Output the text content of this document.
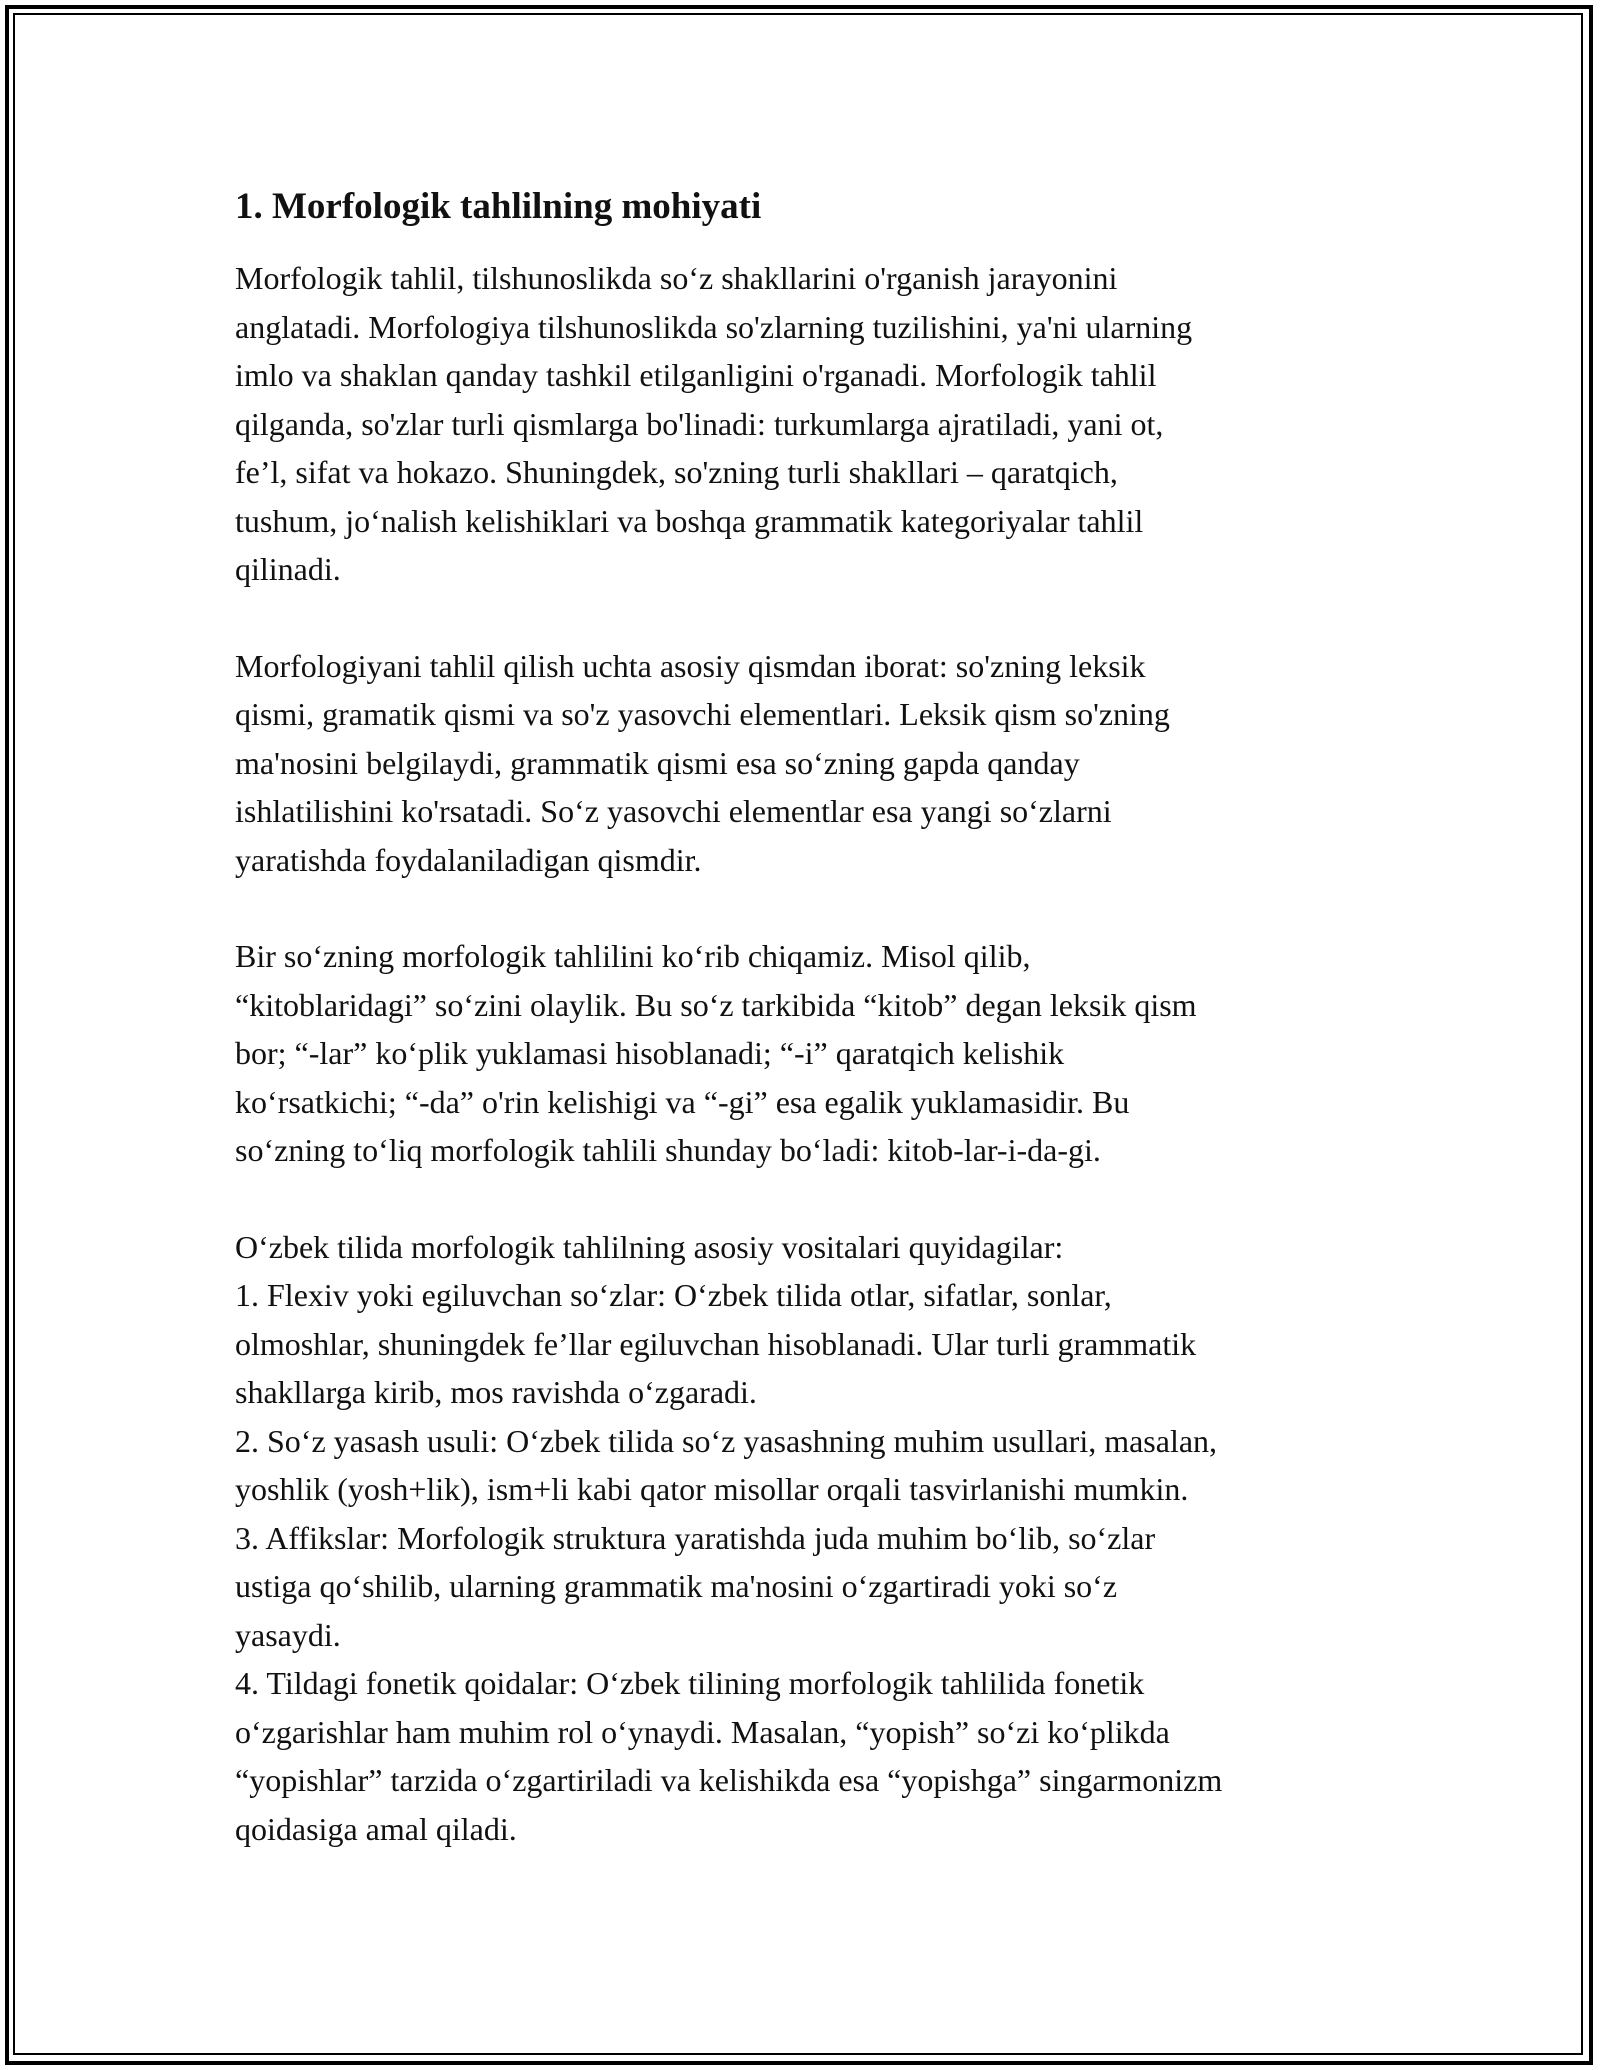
1. Morfologik tahlilning mohiyati

Morfologik tahlil, tilshunoslikda so‘z shakllarini o'rganish jarayonini
anglatadi. Morfologiya tilshunoslikda so'zlarning tuzilishini, ya'ni ularning
imlo va shaklan qanday tashkil etilganligini o'rganadi. Morfologik tahlil
qilganda, so'zlar turli qismlarga bo'linadi: turkumlarga ajratiladi, yani ot,
fe’l, sifat va hokazo. Shuningdek, so'zning turli shakllari – qaratqich,
tushum, jo‘nalish kelishiklari va boshqa grammatik kategoriyalar tahlil
qilinadi.

Morfologiyani tahlil qilish uchta asosiy qismdan iborat: so'zning leksik
qismi, gramatik qismi va so'z yasovchi elementlari. Leksik qism so'zning
ma'nosini belgilaydi, grammatik qismi esa so‘zning gapda qanday
ishlatilishini ko'rsatadi. So‘z yasovchi elementlar esa yangi so‘zlarni
yaratishda foydalaniladigan qismdir.

Bir so‘zning morfologik tahlilini ko‘rib chiqamiz. Misol qilib,
“kitoblaridagi” so‘zini olaylik. Bu so‘z tarkibida “kitob” degan leksik qism
bor; “-lar” ko‘plik yuklamasi hisoblanadi; “-i” qaratqich kelishik
ko‘rsatkichi; “-da” o'rin kelishigi va “-gi” esa egalik yuklamasidir. Bu
so‘zning to‘liq morfologik tahlili shunday bo‘ladi: kitob-lar-i-da-gi.

O‘zbek tilida morfologik tahlilning asosiy vositalari quyidagilar:
1. Flexiv yoki egiluvchan so‘zlar: O‘zbek tilida otlar, sifatlar, sonlar,
olmoshlar, shuningdek fe’llar egiluvchan hisoblanadi. Ular turli grammatik
shakllarga kirib, mos ravishda o‘zgaradi.
2. So‘z yasash usuli: O‘zbek tilida so‘z yasashning muhim usullari, masalan,
yoshlik (yosh+lik), ism+li kabi qator misollar orqali tasvirlanishi mumkin.
3. Affikslar: Morfologik struktura yaratishda juda muhim bo‘lib, so‘zlar
ustiga qo‘shilib, ularning grammatik ma'nosini o‘zgartiradi yoki so‘z
yasaydi.
4. Tildagi fonetik qoidalar: O‘zbek tilining morfologik tahlilida fonetik
o‘zgarishlar ham muhim rol o‘ynaydi. Masalan, “yopish” so‘zi ko‘plikda
“yopishlar” tarzida o‘zgartiriladi va kelishikda esa “yopishga” singarmonizm
qoidasiga amal qiladi.
